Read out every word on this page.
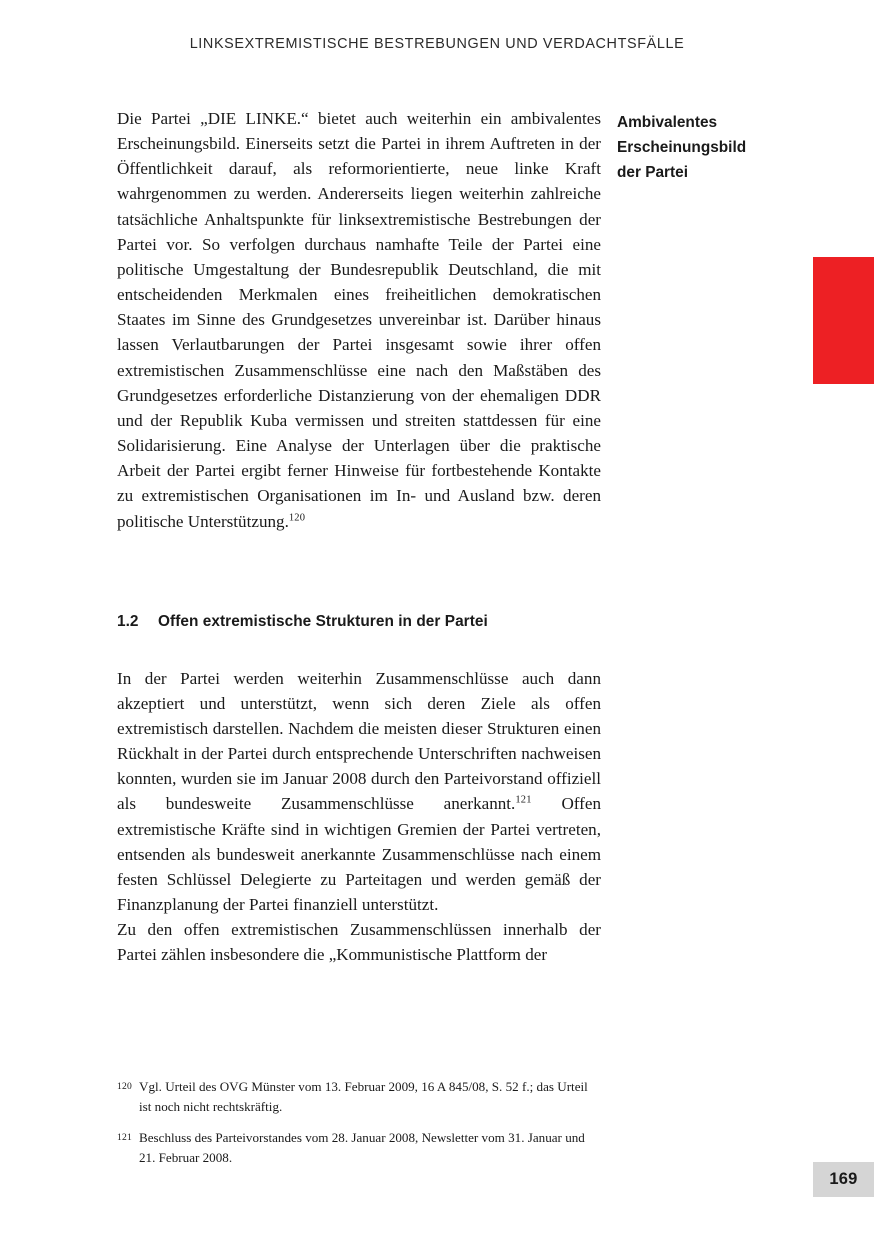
LINKSEXTREMISTISCHE BESTREBUNGEN UND VERDACHTSFÄLLE

Die Partei „DIE LINKE.“ bietet auch weiterhin ein ambivalentes Erscheinungsbild. Einerseits setzt die Partei in ihrem Auftreten in der Öffentlichkeit darauf, als reformorientierte, neue linke Kraft wahrgenommen zu werden. Andererseits liegen weiterhin zahlreiche tatsächliche Anhaltspunkte für linksextremistische Bestrebungen der Partei vor. So verfolgen durchaus namhafte Teile der Partei eine politische Umgestaltung der Bundesrepublik Deutschland, die mit entscheidenden Merkmalen eines freiheitlichen demokratischen Staates im Sinne des Grundgesetzes unvereinbar ist. Darüber hinaus lassen Verlautbarungen der Partei insgesamt sowie ihrer offen extremistischen Zusammenschlüsse eine nach den Maßstäben des Grundgesetzes erforderliche Distanzierung von der ehemaligen DDR und der Republik Kuba vermissen und streiten stattdessen für eine Solidarisierung. Eine Analyse der Unterlagen über die praktische Arbeit der Partei ergibt ferner Hinweise für fortbestehende Kontakte zu extremistischen Organisationen im In- und Ausland bzw. deren politische Unterstützung.$^{120}$

In der Partei werden weiterhin Zusammenschlüsse auch dann akzeptiert und unterstützt, wenn sich deren Ziele als offen extremistisch darstellen. Nachdem die meisten dieser Strukturen einen Rückhalt in der Partei durch entsprechende Unterschriften nachweisen konnten, wurden sie im Januar 2008 durch den Parteivorstand offiziell als bundesweite Zusammenschlüsse anerkannt.$^{121}$ Offen extremistische Kräfte sind in wichtigen Gremien der Partei vertreten, entsenden als bundesweit anerkannte Zusammenschlüsse nach einem festen Schlüssel Delegierte zu Parteitagen und werden gemäß der Finanzplanung der Partei finanziell unterstützt.

Zu den offen extremistischen Zusammenschlüssen innerhalb der Partei zählen insbesondere die „Kommunistische Plattform der

1.2 Offen extremistische Strukturen in der Partei
Ambivalentes
Erscheinungsbild
der Partei
120 Vgl. Urteil des OVG Münster vom 13. Februar 2009, 16 A 845/08, S. 52 f.; das Urteil ist noch nicht rechtskräftig.
121 Beschluss des Parteivorstandes vom 28. Januar 2008, Newsletter vom 31. Januar und 21. Februar 2008.
169
